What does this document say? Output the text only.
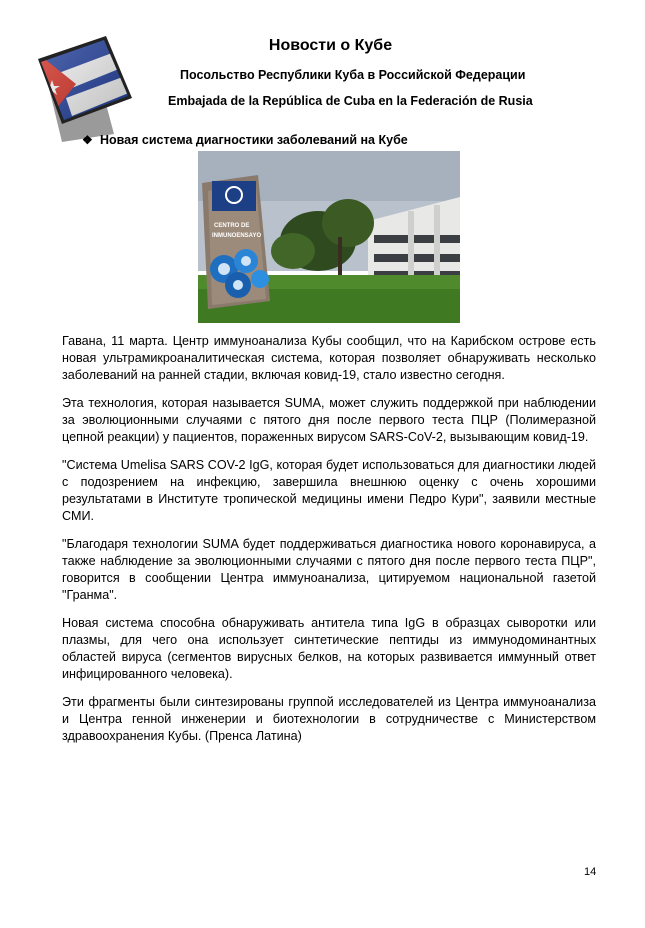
Новости о Кубе
Посольство Республики Куба в Российской Федерации
Embajada de la República de Cuba en la Federación de Rusia
❖ Новая система диагностики заболеваний на Кубе
CENTRO DE
INMUNOENSAYO

Гавана, 11 марта. Центр иммуноанализа Кубы сообщил, что на Карибском острове есть новая ультрамикроаналитическая система, которая позволяет обнаруживать несколько заболеваний на ранней стадии, включая ковид-19, стало известно сегодня.

Эта технология, которая называется SUMA, может служить поддержкой при наблюдении за эволюционными случаями с пятого дня после первого теста ПЦР (Полимеразной цепной реакции) у пациентов, пораженных вирусом SARS-CoV-2, вызывающим ковид-19.

"Система Umelisa SARS COV-2 IgG, которая будет использоваться для диагностики людей с подозрением на инфекцию, завершила внешнюю оценку с очень хорошими результатами в Институте тропической медицины имени Педро Кури", заявили местные СМИ.

"Благодаря технологии SUMA будет поддерживаться диагностика нового коронавируса, а также наблюдение за эволюционными случаями с пятого дня после первого теста ПЦР", говорится в сообщении Центра иммуноанализа, цитируемом национальной газетой "Гранма".

Новая система способна обнаруживать антитела типа IgG в образцах сыворотки или плазмы, для чего она использует синтетические пептиды из иммунодоминантных областей вируса (сегментов вирусных белков, на которых развивается иммунный ответ инфицированного человека).

Эти фрагменты были синтезированы группой исследователей из Центра иммуноанализа и Центра генной инженерии и биотехнологии в сотрудничестве с Министерством здравоохранения Кубы. (Пренса Латина)

14
